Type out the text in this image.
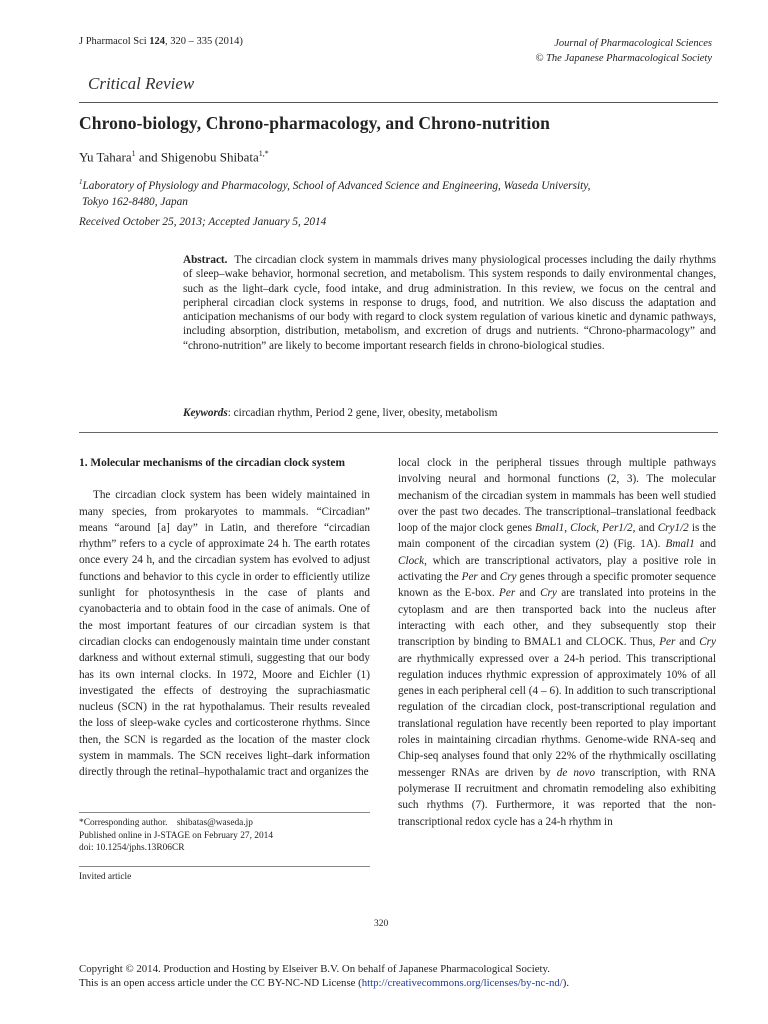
J Pharmacol Sci 124, 320 – 335 (2014)	Journal of Pharmacological Sciences
© The Japanese Pharmacological Society
Critical Review
Chrono-biology, Chrono-pharmacology, and Chrono-nutrition
Yu Tahara$^1$ and Shigenobu Shibata$^{1,*}$
$^1$Laboratory of Physiology and Pharmacology, School of Advanced Science and Engineering, Waseda University,
Tokyo 162-8480, Japan
Received October 25, 2013; Accepted January 5, 2014
Abstract. The circadian clock system in mammals drives many physiological processes including the daily rhythms of sleep–wake behavior, hormonal secretion, and metabolism. This system responds to daily environmental changes, such as the light–dark cycle, food intake, and drug administration. In this review, we focus on the central and peripheral circadian clock systems in response to drugs, food, and nutrition. We also discuss the adaptation and anticipation mechanisms of our body with regard to clock system regulation of various kinetic and dynamic pathways, including absorption, distribution, metabolism, and excretion of drugs and nutrients. “Chrono-pharmacology” and “chrono-nutrition” are likely to become important research fields in chrono-biological studies.
Keywords: circadian rhythm, Period 2 gene, liver, obesity, metabolism
1. Molecular mechanisms of the circadian clock system

The circadian clock system has been widely maintained in many species, from prokaryotes to mammals. “Circadian” means “around [a] day” in Latin, and therefore “circadian rhythm” refers to a cycle of approximate 24 h. The earth rotates once every 24 h, and the circadian system has evolved to adjust functions and behavior to this cycle in order to efficiently utilize sunlight for photosynthesis in the case of plants and cyanobacteria and to obtain food in the case of animals. One of the most important features of our circadian system is that circadian clocks can endogenously maintain time under constant darkness and without external stimuli, suggesting that our body has its own internal clocks. In 1972, Moore and Eichler (1) investigated the effects of destroying the suprachiasmatic nucleus (SCN) in the rat hypothalamus. Their results revealed the loss of sleep-wake cycles and corticosterone rhythms. Since then, the SCN is regarded as the location of the master clock system in mammals. The SCN receives light–dark information directly through the retinal–hypothalamic tract and organizes the

local clock in the peripheral tissues through multiple pathways involving neural and hormonal functions (2, 3). The molecular mechanism of the circadian system in mammals has been well studied over the past two decades. The transcriptional–translational feedback loop of the major clock genes Bmal1, Clock, Per1/2, and Cry1/2 is the main component of the circadian system (2) (Fig. 1A). Bmal1 and Clock, which are transcriptional activators, play a positive role in activating the Per and Cry genes through a specific promoter sequence known as the E-box. Per and Cry are translated into proteins in the cytoplasm and are then transported back into the nucleus after interacting with each other, and they subsequently stop their transcription by binding to BMAL1 and CLOCK. Thus, Per and Cry are rhythmically expressed over a 24-h period. This transcriptional regulation induces rhythmic expression of approximately 10% of all genes in each peripheral cell (4 – 6). In addition to such transcriptional regulation of the circadian clock, post-transcriptional regulation and translational regulation have recently been reported to play important roles in maintaining circadian rhythms. Genome-wide RNA-seq and Chip-seq analyses found that only 22% of the rhythmically oscillating messenger RNAs are driven by de novo transcription, with RNA polymerase II recruitment and chromatin remodeling also exhibiting such rhythms (7). Furthermore, it was reported that the non-transcriptional redox cycle has a 24-h rhythm in

*Corresponding author. shibatas@waseda.jp
Published online in J-STAGE on February 27, 2014
doi: 10.1254/jphs.13R06CR
Invited article
320
Copyright © 2014. Production and Hosting by Elseiver B.V. On behalf of Japanese Pharmacological Society.
This is an open access article under the CC BY-NC-ND License (http://creativecommons.org/licenses/by-nc-nd/).
